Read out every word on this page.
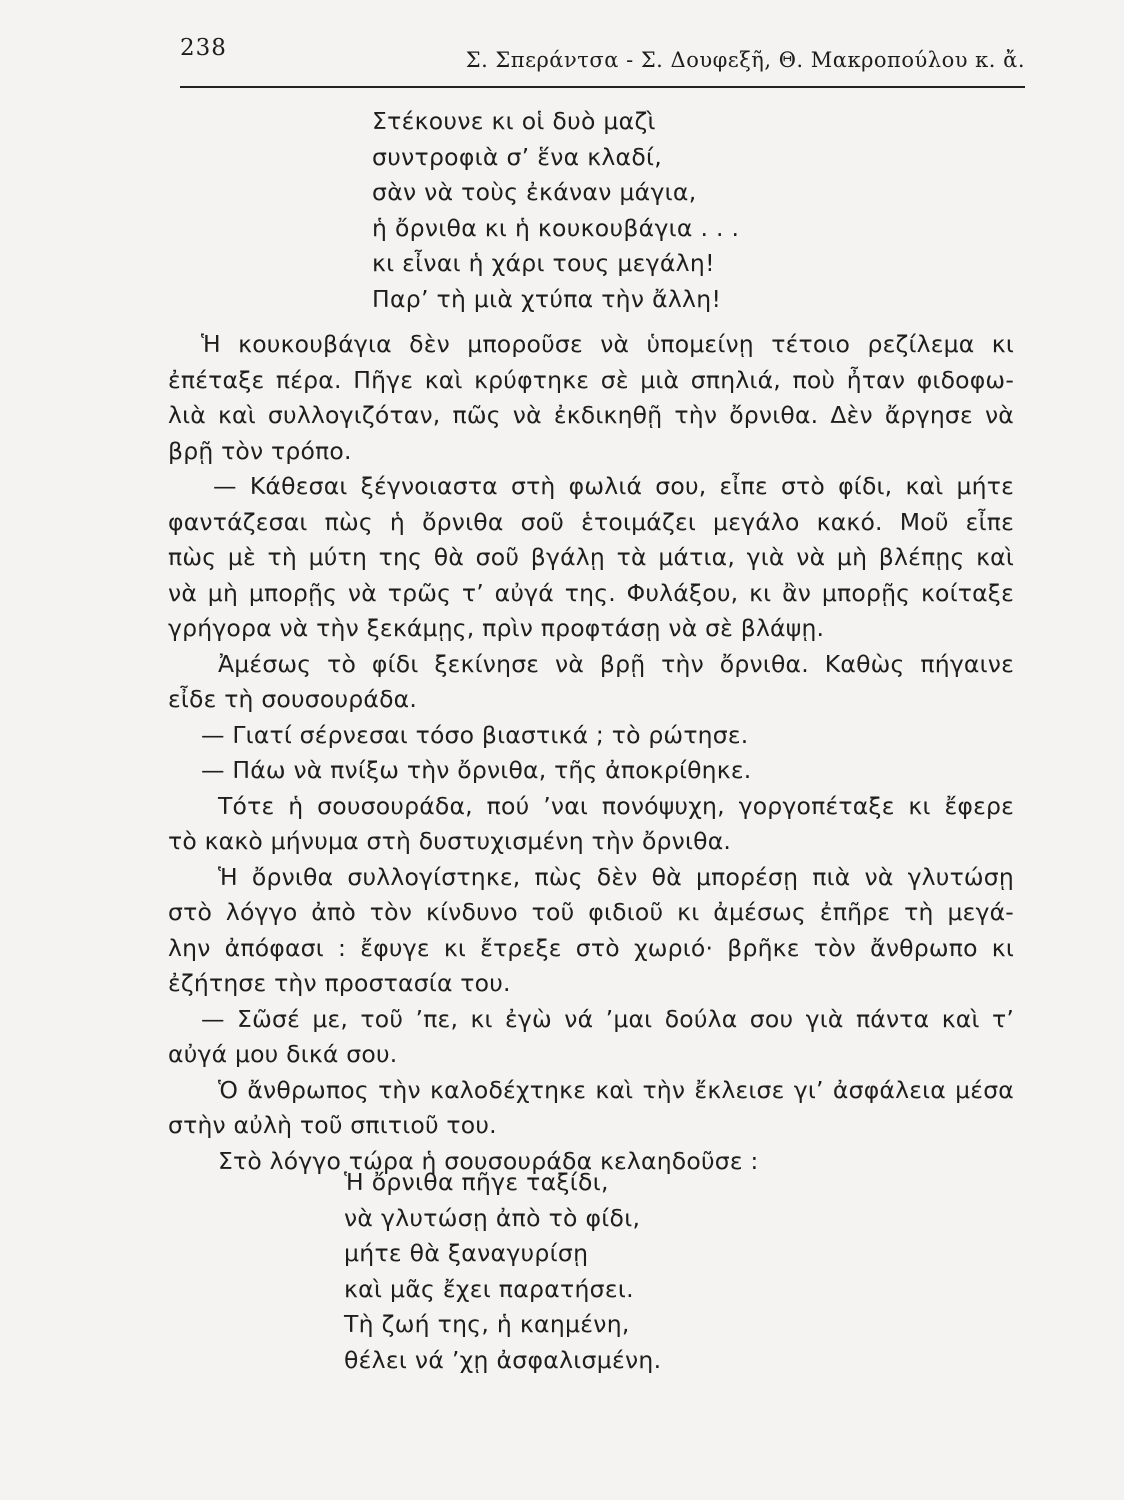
238	Σ. Σπεράντσα - Σ. Δουφεξῆ, Θ. Μακροπούλου κ. ἄ.
Στέκουνε κι οἱ δυὸ μαζὶ
συντροφιὰ σ’ ἕνα κλαδί,
σὰν νὰ τοὺς ἐκάναν μάγια,
ἡ ὄρνιθα κι ἡ κουκουβάγια . . .
κι εἶναι ἡ χάρι τους μεγάλη!
Παρ’ τὴ μιὰ χτύπα τὴν ἄλλη!
Ἡ κουκουβάγια δὲν μποροῦσε νὰ ὑπομείνῃ τέτοιο ρεζίλεμα κι
ἐπέταξε πέρα. Πῆγε καὶ κρύφτηκε σὲ μιὰ σπηλιά, ποὺ ἦταν φιδοφω-
λιὰ καὶ συλλογιζόταν, πῶς νὰ ἐκδικηθῇ τὴν ὄρνιθα. Δὲν ἄργησε νὰ
βρῇ τὸν τρόπο.
— Κάθεσαι ξέγνοιαστα στὴ φωλιά σου, εἶπε στὸ φίδι, καὶ μήτε
φαντάζεσαι πὼς ἡ ὄρνιθα σοῦ ἑτοιμάζει μεγάλο κακό. Μοῦ εἶπε
πὼς μὲ τὴ μύτη της θὰ σοῦ βγάλῃ τὰ μάτια, γιὰ νὰ μὴ βλέπῃς καὶ
νὰ μὴ μπορῇς νὰ τρῶς τ’ αὐγά της. Φυλάξου, κι ἂν μπορῇς κοίταξε
γρήγορα νὰ τὴν ξεκάμῃς, πρὶν προφτάσῃ νὰ σὲ βλάψῃ.
Ἀμέσως τὸ φίδι ξεκίνησε νὰ βρῇ τὴν ὄρνιθα. Καθὼς πήγαινε
εἶδε τὴ σουσουράδα.
— Γιατί σέρνεσαι τόσο βιαστικά ; τὸ ρώτησε.
— Πάω νὰ πνίξω τὴν ὄρνιθα, τῆς ἀποκρίθηκε.
Τότε ἡ σουσουράδα, πού ’ναι πονόψυχη, γοργοπέταξε κι ἔφερε
τὸ κακὸ μήνυμα στὴ δυστυχισμένη τὴν ὄρνιθα.
Ἡ ὄρνιθα συλλογίστηκε, πὼς δὲν θὰ μπορέσῃ πιὰ νὰ γλυτώσῃ
στὸ λόγγο ἀπὸ τὸν κίνδυνο τοῦ φιδιοῦ κι ἀμέσως ἐπῆρε τὴ μεγά-
λην ἀπόφασι : ἔφυγε κι ἔτρεξε στὸ χωριό· βρῆκε τὸν ἄνθρωπο κι
ἐζήτησε τὴν προστασία του.
— Σῶσέ με, τοῦ ’πε, κι ἐγὼ νά ’μαι δούλα σου γιὰ πάντα καὶ τ’
αὐγά μου δικά σου.
Ὁ ἄνθρωπος τὴν καλοδέχτηκε καὶ τὴν ἔκλεισε γι’ ἀσφάλεια μέσα
στὴν αὐλὴ τοῦ σπιτιοῦ του.
Στὸ λόγγο τώρα ἡ σουσουράδα κελαηδοῦσε :
Ἡ ὄρνιθα πῆγε ταξίδι,
νὰ γλυτώσῃ ἀπὸ τὸ φίδι,
μήτε θὰ ξαναγυρίσῃ
καὶ μᾶς ἔχει παρατήσει.
Τὴ ζωή της, ἡ καημένη,
θέλει νά ’χῃ ἀσφαλισμένη.
